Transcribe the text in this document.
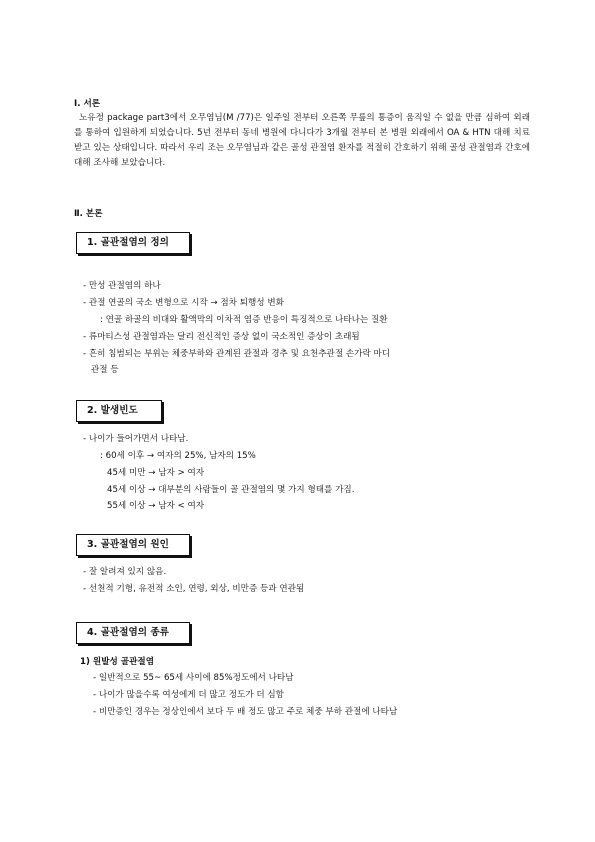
Ⅰ. 서론
노유정 package part3에서 오무염님(M /77)은 일주일 전부터 오른쪽 무릎의 통증이 움직일 수 없을 만큼 심하여 외래를 통하여 입원하게 되었습니다. 5년 전부터 동네 병원에 다니다가 3개월 전부터 본 병원 외래에서 OA & HTN 대해 치료 받고 있는 상태입니다. 따라서 우리 조는 오무염님과 같은 골성 관절염 환자를 적절히 간호하기 위해 골성 관절염과 간호에 대해 조사해 보았습니다.
Ⅱ. 본론
1. 골관절염의 정의
- 만성 관절염의 하나
- 관절 연골의 국소 변형으로 시작 → 점차 퇴행성 변화
: 연골 하골의 비대와 활액막의 이차적 염증 반응이 특징적으로 나타나는 질환
- 류마티스성 관절염과는 달리 전신적인 증상 없이 국소적인 증상이 초래됨
- 흔히 침범되는 부위는 체중부하와 관계된 관절과 경추 및 요천추관절 손가락 마디
관절 등
2. 발생빈도
- 나이가 들어가면서 나타남.
: 60세 이후 → 여자의 25%, 남자의 15%
45세 미만 → 남자 > 여자
45세 이상 → 대부분의 사람들이 골 관절염의 몇 가지 형태를 가짐.
55세 이상 → 남자 < 여자
3. 골관절염의 원인
- 잘 알려져 있지 않음.
- 선천적 기형, 유전적 소인, 연령, 외상, 비만증 등과 연관됨
4. 골관절염의 종류
1) 원발성 골관절염
- 일반적으로 55~ 65세 사이에 85%정도에서 나타남
- 나이가 많을수록 여성에게 더 많고 정도가 더 심함
- 비만증인 경우는 정상인에서 보다 두 배 정도 많고 주로 체중 부하 관절에 나타남
